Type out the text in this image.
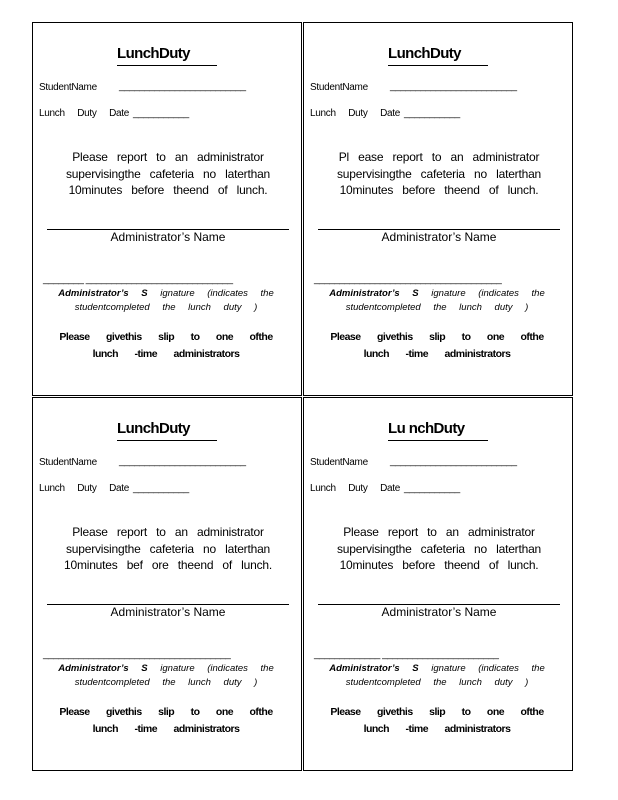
LunchDuty
StudentName _________________________
Lunch Duty Date ___________
Please report to an administrator supervisingthe cafeteria no laterthan 10minutes before theend of lunch.
Administrator’s Name
________ _____________________________
Administrator’s S ignature (indicates the studentcompleted the lunch duty )
Please givethis slip to one ofthe lunch -time administrators
LunchDuty
StudentName _________________________
Lunch Duty Date ___________
Pl ease report to an administrator supervisingthe cafeteria no laterthan 10minutes before theend of lunch.
Administrator’s Name
_____________________________________
Administrator’s S ignature (indicates the studentcompleted the lunch duty )
Please givethis slip to one ofthe lunch -time administrators
LunchDuty
StudentName _________________________
Lunch Duty Date ___________
Please report to an administrator supervisingthe cafeteria no laterthan 10minutes bef ore theend of lunch.
Administrator’s Name
_____________________________________
Administrator’s S ignature (indicates the studentcompleted the lunch duty )
Please givethis slip to one ofthe lunch -time administrators
Lu nchDuty
StudentName _________________________
Lunch Duty Date ___________
Please report to an administrator supervisingthe cafeteria no laterthan 10minutes before theend of lunch.
Administrator’s Name
_____________ _______________________
Administrator’s S ignature (indicates the studentcompleted the lunch duty )
Please givethis slip to one ofthe lunch -time administrators
